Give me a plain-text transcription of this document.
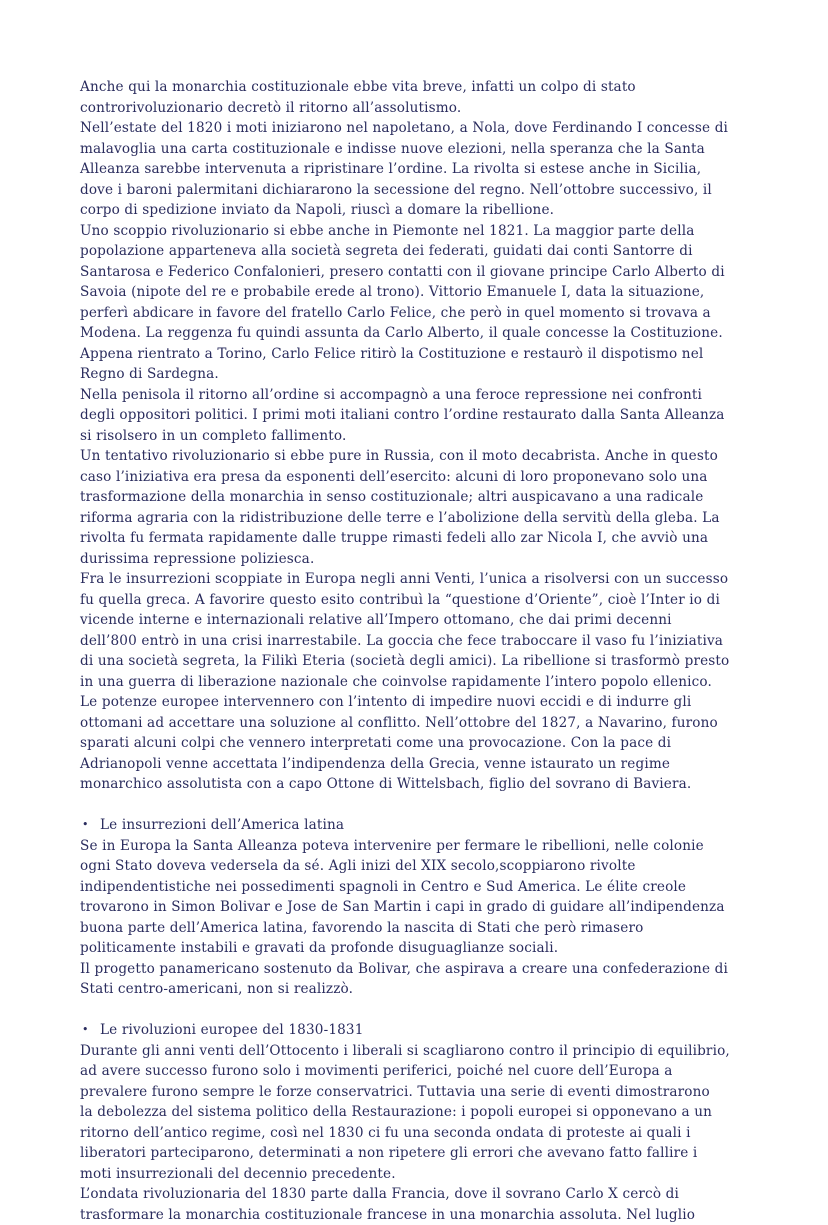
Anche qui la monarchia costituzionale ebbe vita breve, infatti un colpo di stato
controrivoluzionario decretò il ritorno all’assolutismo.
Nell’estate del 1820 i moti iniziarono nel napoletano, a Nola, dove Ferdinando I concesse di
malavoglia una carta costituzionale e indisse nuove elezioni, nella speranza che la Santa
Alleanza sarebbe intervenuta a ripristinare l’ordine. La rivolta si estese anche in Sicilia,
dove i baroni palermitani dichiararono la secessione del regno. Nell’ottobre successivo, il
corpo di spedizione inviato da Napoli, riuscì a domare la ribellione.
Uno scoppio rivoluzionario si ebbe anche in Piemonte nel 1821. La maggior parte della
popolazione apparteneva alla società segreta dei federati, guidati dai conti Santorre di
Santarosa e Federico Confalonieri, presero contatti con il giovane principe Carlo Alberto di
Savoia (nipote del re e probabile erede al trono). Vittorio Emanuele I, data la situazione,
perferì abdicare in favore del fratello Carlo Felice, che però in quel momento si trovava a
Modena. La reggenza fu quindi assunta da Carlo Alberto, il quale concesse la Costituzione.
Appena rientrato a Torino, Carlo Felice ritirò la Costituzione e restaurò il dispotismo nel
Regno di Sardegna.
Nella penisola il ritorno all’ordine si accompagnò a una feroce repressione nei confronti
degli oppositori politici. I primi moti italiani contro l’ordine restaurato dalla Santa Alleanza
si risolsero in un completo fallimento.
Un tentativo rivoluzionario si ebbe pure in Russia, con il moto decabrista. Anche in questo
caso l’iniziativa era presa da esponenti dell’esercito: alcuni di loro proponevano solo una
trasformazione della monarchia in senso costituzionale; altri auspicavano a una radicale
riforma agraria con la ridistribuzione delle terre e l’abolizione della servitù della gleba. La
rivolta fu fermata rapidamente dalle truppe rimasti fedeli allo zar Nicola I, che avviò una
durissima repressione poliziesca.
Fra le insurrezioni scoppiate in Europa negli anni Venti, l’unica a risolversi con un successo
fu quella greca. A favorire questo esito contribuì la “questione d’Oriente”, cioè l’Inter io di
vicende interne e internazionali relative all’Impero ottomano, che dai primi decenni
dell’800 entrò in una crisi inarrestabile. La goccia che fece traboccare il vaso fu l’iniziativa
di una società segreta, la Filikì Eteria (società degli amici). La ribellione si trasformò presto
in una guerra di liberazione nazionale che coinvolse rapidamente l’intero popolo ellenico.
Le potenze europee intervennero con l’intento di impedire nuovi eccidi e di indurre gli
ottomani ad accettare una soluzione al conflitto. Nell’ottobre del 1827, a Navarino, furono
sparati alcuni colpi che vennero interpretati come una provocazione. Con la pace di
Adrianopoli venne accettata l’indipendenza della Grecia, venne istaurato un regime
monarchico assolutista con a capo Ottone di Wittelsbach, figlio del sovrano di Baviera.
• Le insurrezioni dell’America latina
Se in Europa la Santa Alleanza poteva intervenire per fermare le ribellioni, nelle colonie
ogni Stato doveva vedersela da sé. Agli inizi del XIX secolo,scoppiarono rivolte
indipendentistiche nei possedimenti spagnoli in Centro e Sud America. Le élite creole
trovarono in Simon Bolivar e Jose de San Martin i capi in grado di guidare all’indipendenza
buona parte dell’America latina, favorendo la nascita di Stati che però rimasero
politicamente instabili e gravati da profonde disuguaglianze sociali.
Il progetto panamericano sostenuto da Bolivar, che aspirava a creare una confederazione di
Stati centro-americani, non si realizzò.
• Le rivoluzioni europee del 1830-1831
Durante gli anni venti dell’Ottocento i liberali si scagliarono contro il principio di equilibrio,
ad avere successo furono solo i movimenti periferici, poiché nel cuore dell’Europa a
prevalere furono sempre le forze conservatrici. Tuttavia una serie di eventi dimostrarono
la debolezza del sistema politico della Restaurazione: i popoli europei si opponevano a un
ritorno dell’antico regime, così nel 1830 ci fu una seconda ondata di proteste ai quali i
liberatori parteciparono, determinati a non ripetere gli errori che avevano fatto fallire i
moti insurrezionali del decennio precedente.
L’ondata rivoluzionaria del 1830 parte dalla Francia, dove il sovrano Carlo X cercò di
trasformare la monarchia costituzionale francese in una monarchia assoluta. Nel luglio
